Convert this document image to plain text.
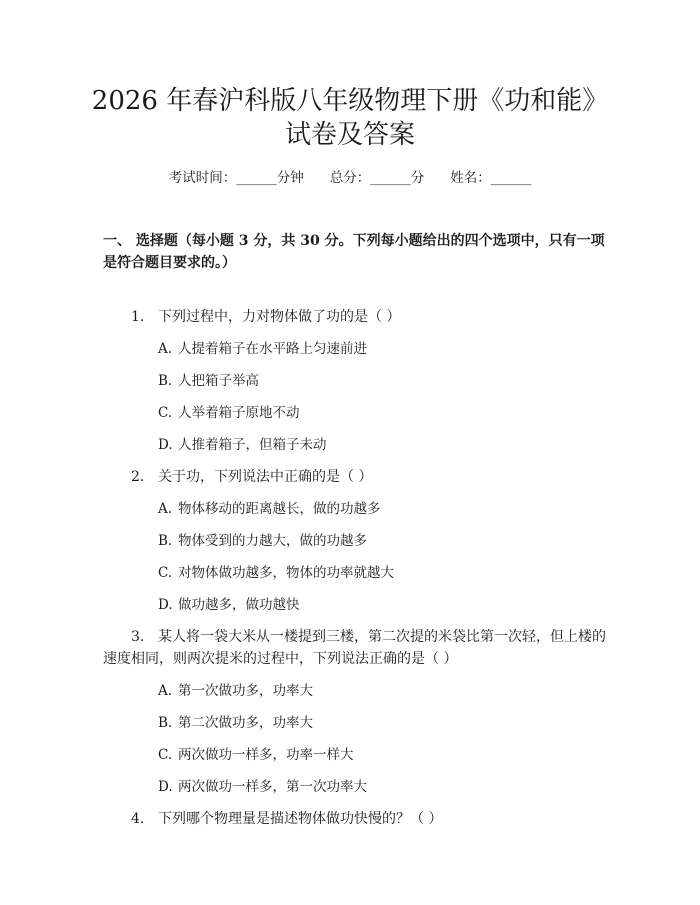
2026 年春沪科版八年级物理下册《功和能》
试卷及答案
考试时间：______分钟 总分：______分 姓名：______
一、 选择题（每小题 3 分，共 30 分。下列每小题给出的四个选项中，只有一项
是符合题目要求的。）
1. 下列过程中，力对物体做了功的是（ ）
A. 人提着箱子在水平路上匀速前进
B. 人把箱子举高
C. 人举着箱子原地不动
D. 人推着箱子，但箱子未动
2. 关于功，下列说法中正确的是（ ）
A. 物体移动的距离越长，做的功越多
B. 物体受到的力越大，做的功越多
C. 对物体做功越多，物体的功率就越大
D. 做功越多，做功越快
3. 某人将一袋大米从一楼提到三楼，第二次提的米袋比第一次轻，但上楼的
速度相同，则两次提米的过程中，下列说法正确的是（ ）
A. 第一次做功多，功率大
B. 第二次做功多，功率大
C. 两次做功一样多，功率一样大
D. 两次做功一样多，第一次功率大
4. 下列哪个物理量是描述物体做功快慢的？（ ）
